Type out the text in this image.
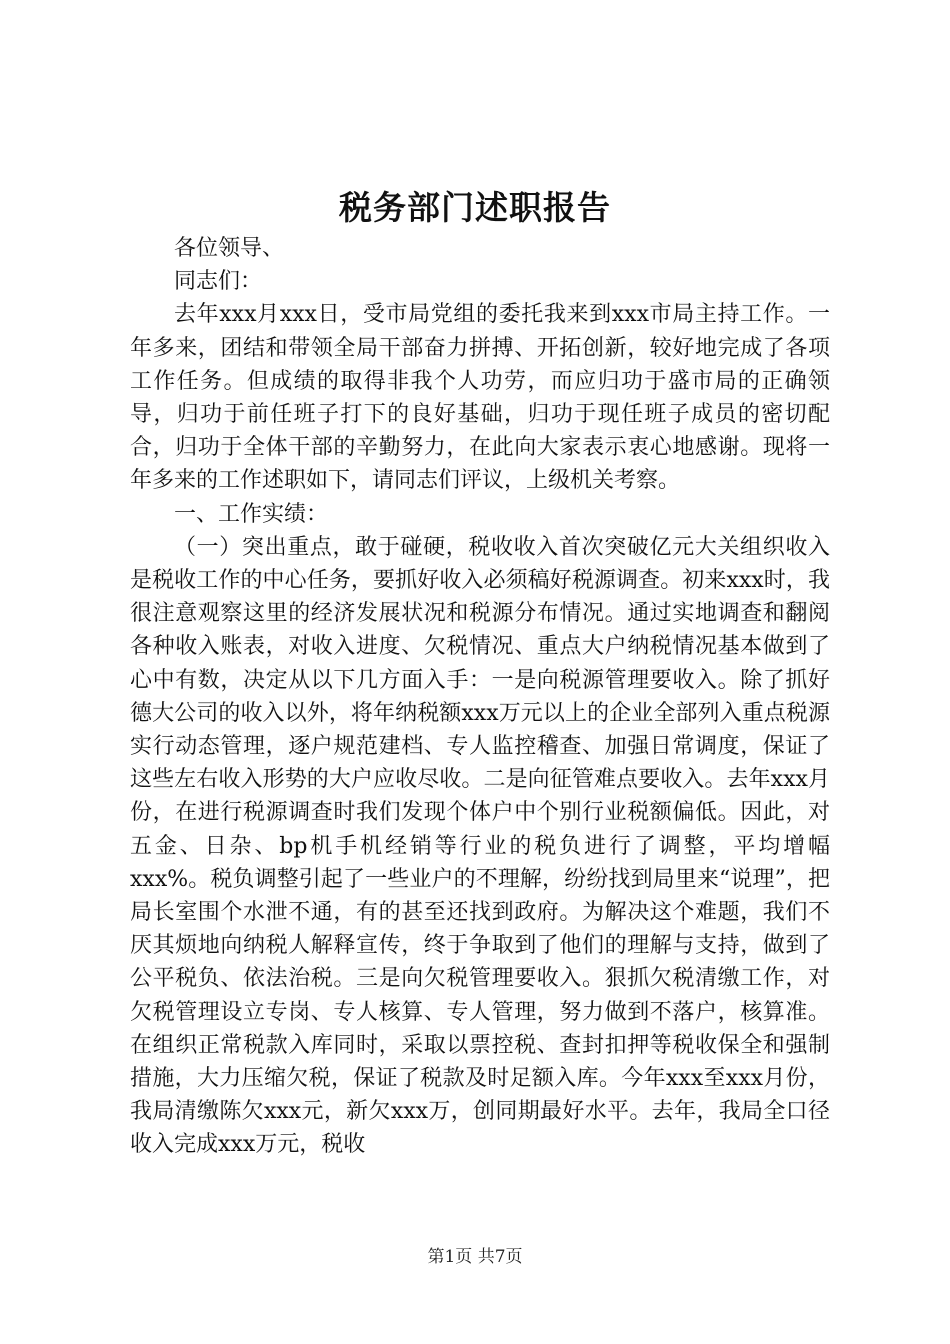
税务部门述职报告

各位领导、

同志们：

去年xxx月xxx日，受市局党组的委托我来到xxx市局主持工作。一年多来，团结和带领全局干部奋力拼搏、开拓创新，较好地完成了各项工作任务。但成绩的取得非我个人功劳，而应归功于盛市局的正确领导，归功于前任班子打下的良好基础，归功于现任班子成员的密切配合，归功于全体干部的辛勤努力，在此向大家表示衷心地感谢。现将一年多来的工作述职如下，请同志们评议，上级机关考察。

一、工作实绩：

（一）突出重点，敢于碰硬，税收收入首次突破亿元大关组织收入是税收工作的中心任务，要抓好收入必须稿好税源调查。初来xxx时，我很注意观察这里的经济发展状况和税源分布情况。通过实地调查和翻阅各种收入账表，对收入进度、欠税情况、重点大户纳税情况基本做到了心中有数，决定从以下几方面入手：一是向税源管理要收入。除了抓好德大公司的收入以外，将年纳税额xxx万元以上的企业全部列入重点税源实行动态管理，逐户规范建档、专人监控稽查、加强日常调度，保证了这些左右收入形势的大户应收尽收。二是向征管难点要收入。去年xxx月份，在进行税源调查时我们发现个体户中个别行业税额偏低。因此，对五金、日杂、bp机手机经销等行业的税负进行了调整，平均增幅xxx%。税负调整引起了一些业户的不理解，纷纷找到局里来“说理”，把局长室围个水泄不通，有的甚至还找到政府。为解决这个难题，我们不厌其烦地向纳税人解释宣传，终于争取到了他们的理解与支持，做到了公平税负、依法治税。三是向欠税管理要收入。狠抓欠税清缴工作，对欠税管理设立专岗、专人核算、专人管理，努力做到不落户，核算准。在组织正常税款入库同时，采取以票控税、查封扣押等税收保全和强制措施，大力压缩欠税，保证了税款及时足额入库。今年xxx至xxx月份，我局清缴陈欠xxx元，新欠xxx万，创同期最好水平。去年，我局全口径收入完成xxx万元，税收

第1页 共7页
